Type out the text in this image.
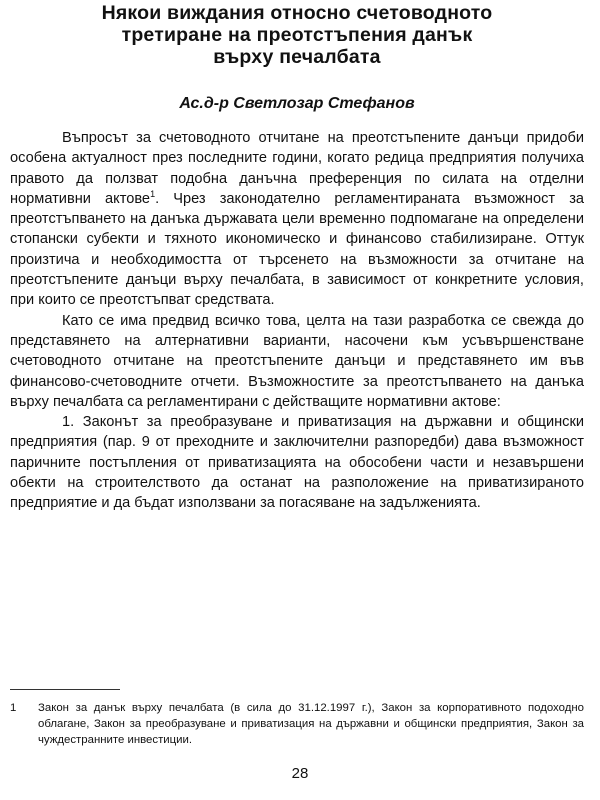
Някои виждания относно счетоводното
третиране на преотстъпения данък
върху печалбата
Ас.д-р Светлозар Стефанов

Въпросът за счетоводното отчитане на преотстъпените данъци придоби особена актуалност през последните години, когато редица предприятия получиха правото да ползват подобна данъчна преференция по силата на отделни нормативни актове$^1$. Чрез законодателно регламентираната възможност за преотстъпването на данъка държавата цели временно подпомагане на определени стопански субекти и тяхното икономическо и финансово стабилизиране. Оттук произтича и необходимостта от търсенето на възможности за отчитане на преотстъпените данъци върху печалбата, в зависимост от конкретните условия, при които се преотстъпват средствата.

Като се има предвид всичко това, целта на тази разработка се свежда до представянето на алтернативни варианти, насочени към усъвършенстване счетоводното отчитане на преотстъпените данъци и представянето им във финансово-счетоводните отчети. Възможностите за преотстъпването на данъка върху печалбата са регламентирани с действащите нормативни актове:

1. Законът за преобразуване и приватизация на държавни и общински предприятия (пар. 9 от преходните и заключителни разпоредби) дава възможност паричните постъпления от приватизацията на обособени части и незавършени обекти на строителството да останат на разположение на приватизираното предприятие и да бъдат използвани за погасяване на задълженията.

1	Закон за данък върху печалбата (в сила до 31.12.1997 г.), Закон за корпоративното подоходно облагане, Закон за преобразуване и приватизация на държавни и общински предприятия, Закон за чуждестранните инвестиции.
28
